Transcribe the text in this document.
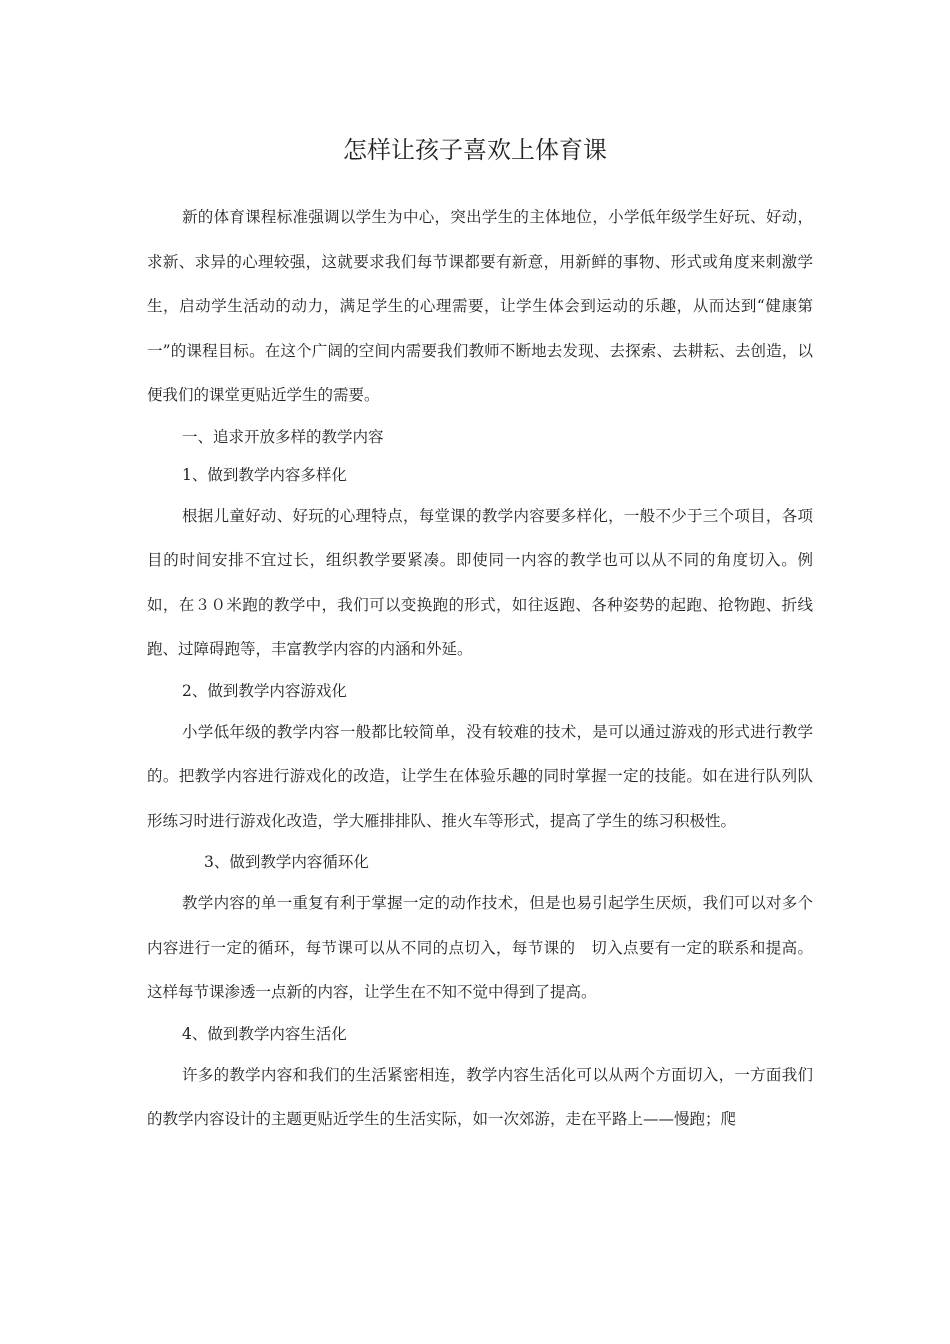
怎样让孩子喜欢上体育课

新的体育课程标准强调以学生为中心，突出学生的主体地位，小学低年级学生好玩、好动，求新、求异的心理较强，这就要求我们每节课都要有新意，用新鲜的事物、形式或角度来刺激学生，启动学生活动的动力，满足学生的心理需要，让学生体会到运动的乐趣，从而达到“健康第一”的课程目标。在这个广阔的空间内需要我们教师不断地去发现、去探索、去耕耘、去创造，以便我们的课堂更贴近学生的需要。

一、追求开放多样的教学内容

1、做到教学内容多样化

根据儿童好动、好玩的心理特点，每堂课的教学内容要多样化，一般不少于三个项目，各项目的时间安排不宜过长，组织教学要紧凑。即使同一内容的教学也可以从不同的角度切入。例如，在３０米跑的教学中，我们可以变换跑的形式，如往返跑、各种姿势的起跑、抢物跑、折线跑、过障碍跑等，丰富教学内容的内涵和外延。

2、做到教学内容游戏化

小学低年级的教学内容一般都比较简单，没有较难的技术，是可以通过游戏的形式进行教学的。把教学内容进行游戏化的改造，让学生在体验乐趣的同时掌握一定的技能。如在进行队列队形练习时进行游戏化改造，学大雁排排队、推火车等形式，提高了学生的练习积极性。

3、做到教学内容循环化

教学内容的单一重复有利于掌握一定的动作技术，但是也易引起学生厌烦，我们可以对多个内容进行一定的循环，每节课可以从不同的点切入，每节课的　切入点要有一定的联系和提高。这样每节课渗透一点新的内容，让学生在不知不觉中得到了提高。

4、做到教学内容生活化

许多的教学内容和我们的生活紧密相连，教学内容生活化可以从两个方面切入，一方面我们的教学内容设计的主题更贴近学生的生活实际，如一次郊游，走在平路上——慢跑；爬
